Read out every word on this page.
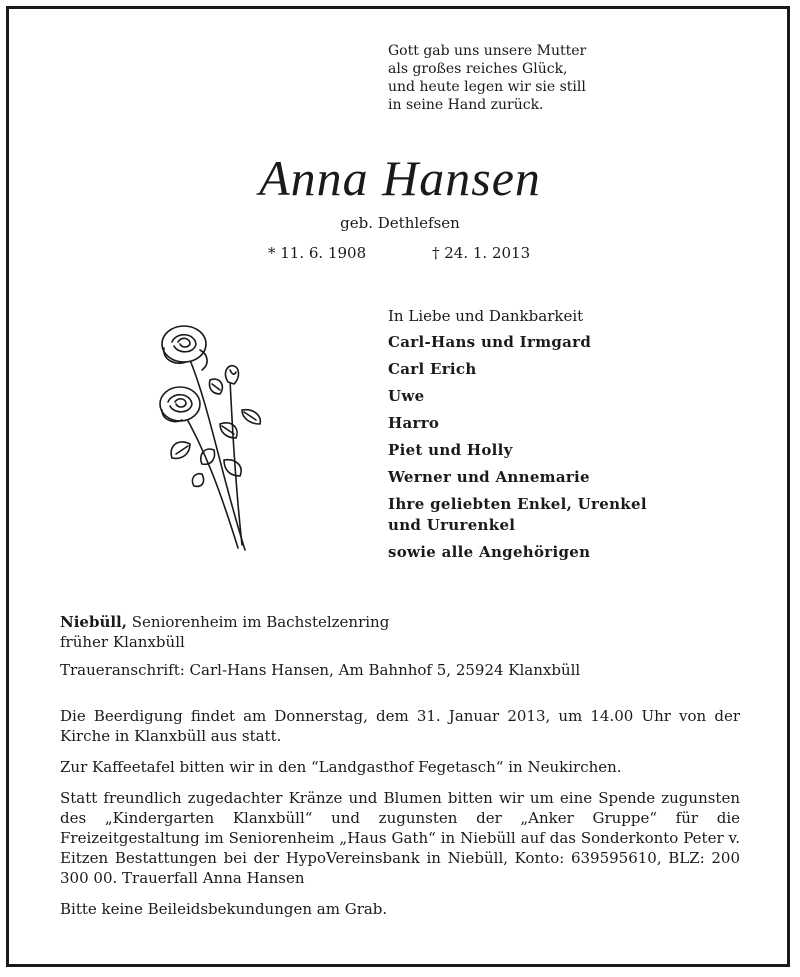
Gott gab uns unsere Mutter
als großes reiches Glück,
und heute legen wir sie still
in seine Hand zurück.
Anna Hansen
geb. Dethlefsen
* 11. 6. 1908	† 24. 1. 2013
In Liebe und Dankbarkeit
Carl-Hans und Irmgard
Carl Erich
Uwe
Harro
Piet und Holly
Werner und Annemarie
Ihre geliebten Enkel, Urenkel
und Ururenkel
sowie alle Angehörigen
Niebüll, Seniorenheim im Bachstelzenring
früher Klanxbüll
Traueranschrift: Carl-Hans Hansen, Am Bahnhof 5, 25924 Klanxbüll

Die Beerdigung findet am Donnerstag, dem 31. Januar 2013, um 14.00 Uhr von der Kirche in Klanxbüll aus statt.

Zur Kaffeetafel bitten wir in den “Landgasthof Fegetasch“ in Neukirchen.

Statt freundlich zugedachter Kränze und Blumen bitten wir um eine Spende zugunsten des „Kindergarten Klanxbüll“ und zugunsten der „Anker Gruppe“ für die Freizeitgestaltung im Seniorenheim „Haus Gath“ in Niebüll auf das Sonderkonto Peter v. Eitzen Bestattungen bei der HypoVereinsbank in Niebüll, Konto: 639595610, BLZ: 200 300 00. Trauerfall Anna Hansen

Bitte keine Beileidsbekundungen am Grab.
